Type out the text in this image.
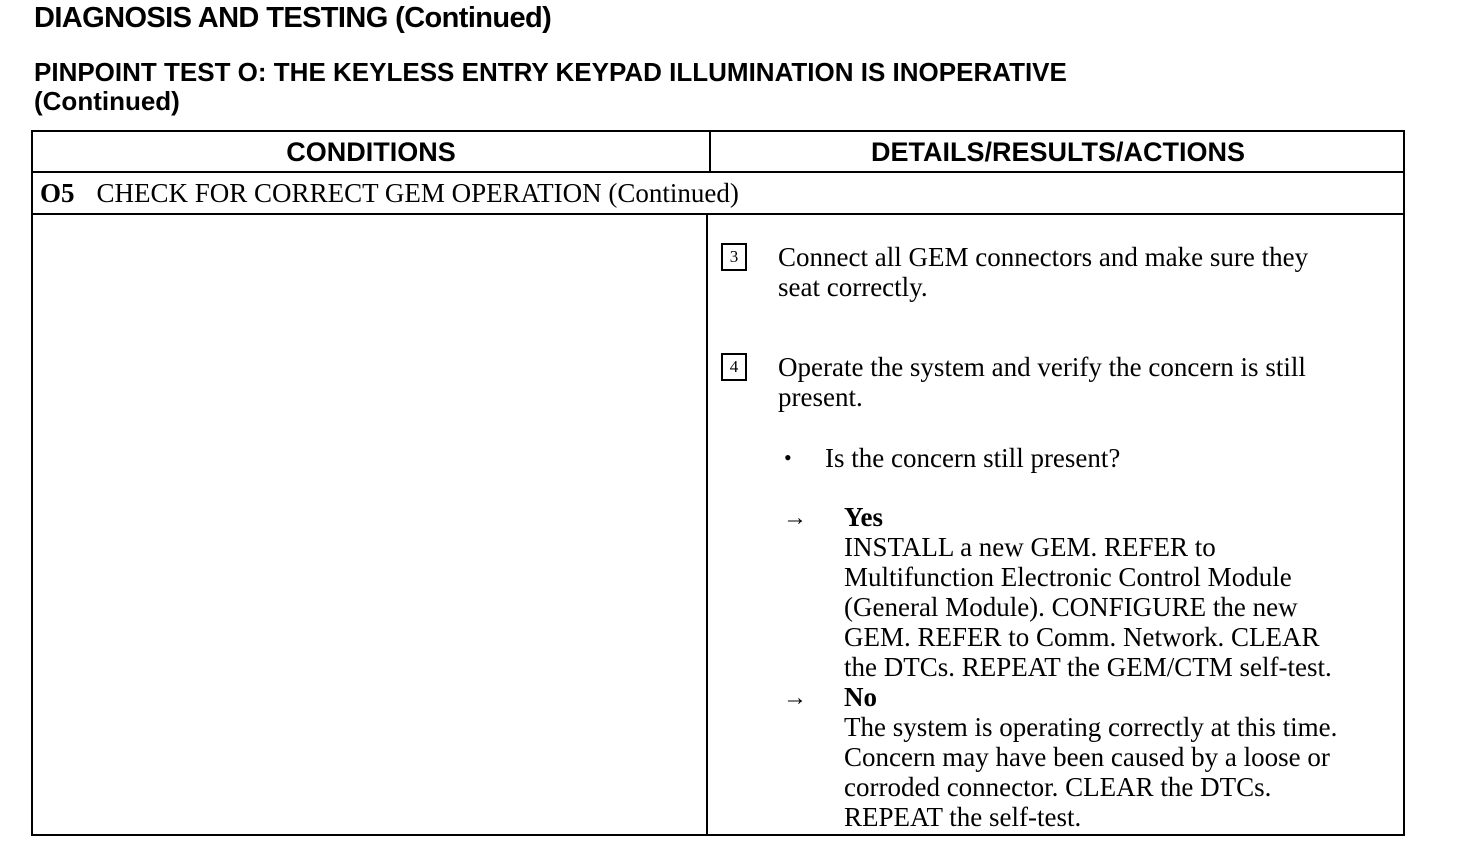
DIAGNOSIS AND TESTING (Continued)
PINPOINT TEST O: THE KEYLESS ENTRY KEYPAD ILLUMINATION IS INOPERATIVE
(Continued)
CONDITIONS	DETAILS/RESULTS/ACTIONS
O5 CHECK FOR CORRECT GEM OPERATION (Continued)
3	Connect all GEM connectors and make sure they
seat correctly.
4	Operate the system and verify the concern is still
present.
• Is the concern still present?
→ Yes
INSTALL a new GEM. REFER to
Multifunction Electronic Control Module
(General Module). CONFIGURE the new
GEM. REFER to Comm. Network. CLEAR
the DTCs. REPEAT the GEM/CTM self-test.
→ No
The system is operating correctly at this time.
Concern may have been caused by a loose or
corroded connector. CLEAR the DTCs.
REPEAT the self-test.
